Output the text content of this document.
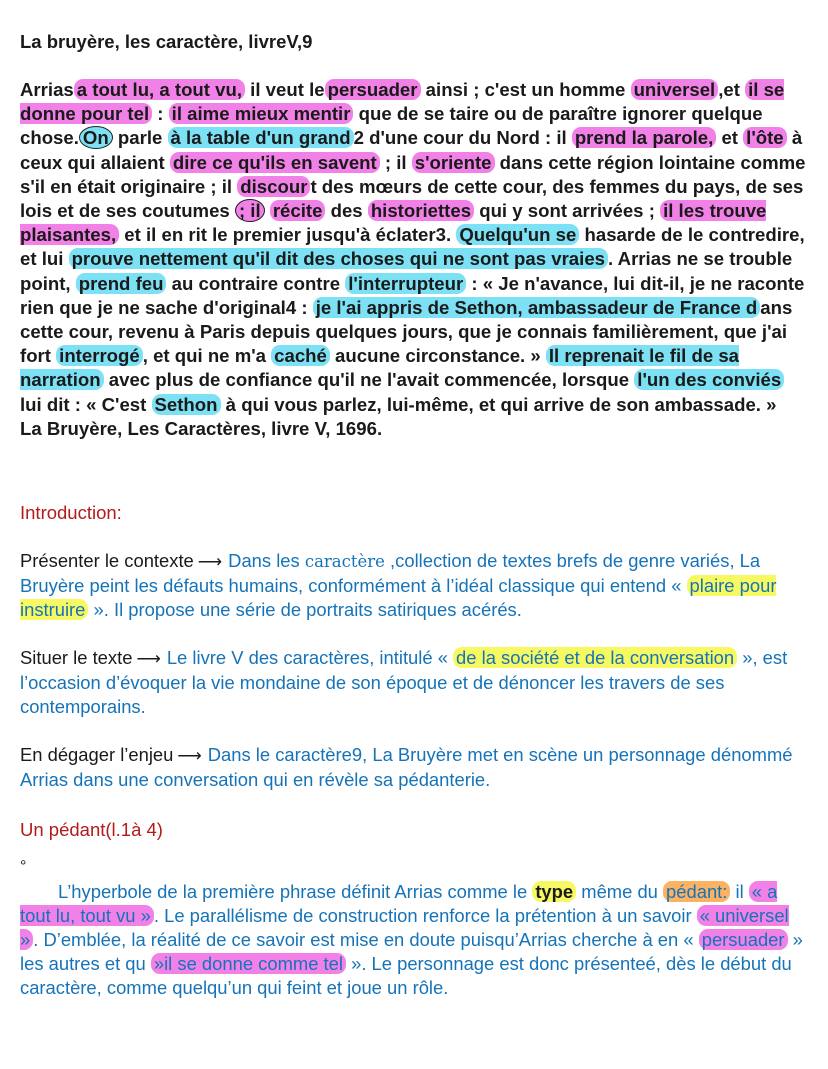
La bruyère, les caractère, livreV,9

Arrias a tout lu, a tout vu, il veut le persuader ainsi ; c'est un homme universel ,et il se donne pour tel : il aime mieux mentir que de se taire ou de paraître ignorer quelque chose. On parle à la table d'un grand 2 d'une cour du Nord : il prend la parole, et l'ôte à ceux qui allaient dire ce qu'ils en savent ; il s'oriente dans cette région lointaine comme s'il en était originaire ; il discour t des mœurs de cette cour, des femmes du pays, de ses lois et de ses coutumes ; il récite des historiettes qui y sont arrivées ; il les trouve plaisantes, et il en rit le premier jusqu'à éclater3. Quelqu'un se hasarde de le contredire, et lui prouve nettement qu'il dit des choses qui ne sont pas vraies . Arrias ne se trouble point, prend feu au contraire contre l'interrupteur : « Je n'avance, lui dit-il, je ne raconte rien que je ne sache d'original4 : je l'ai appris de Sethon, ambassadeur de France d ans cette cour, revenu à Paris depuis quelques jours, que je connais familièrement, que j'ai fort interrogé , et qui ne m'a caché aucune circonstance. » Il reprenait le fil de sa narration avec plus de confiance qu'il ne l'avait commencée, lorsque l'un des conviés lui dit : « C'est Sethon à qui vous parlez, lui-même, et qui arrive de son ambassade. »

La Bruyère, Les Caractères, livre V, 1696.

Introduction:

Présenter le contexte ⟶ Dans les caractère ,collection de textes brefs de genre variés, La Bruyère peint les défauts humains, conformément à l’idéal classique qui entend « plaire pour instruire ». Il propose une série de portraits satiriques acérés.

Situer le texte ⟶ Le livre V des caractères, intitulé « de la société et de la conversation », est l’occasion d’évoquer la vie mondaine de son époque et de dénoncer les travers de ses contemporains.

En dégager l’enjeu ⟶ Dans le caractère9, La Bruyère met en scène un personnage dénommé Arrias dans une conversation qui en révèle sa pédanterie.

Un pédant(l.1à 4)
°

L’hyperbole de la première phrase définit Arrias comme le type même du pédant: il « a tout lu, tout vu » . Le parallélisme de construction renforce la prétention à un savoir « universel » . D’emblée, la réalité de ce savoir est mise en doute puisqu’Arrias cherche à en « persuader » les autres et qu »il se donne comme tel ». Le personnage est donc présenteé, dès le début du caractère, comme quelqu’un qui feint et joue un rôle.
